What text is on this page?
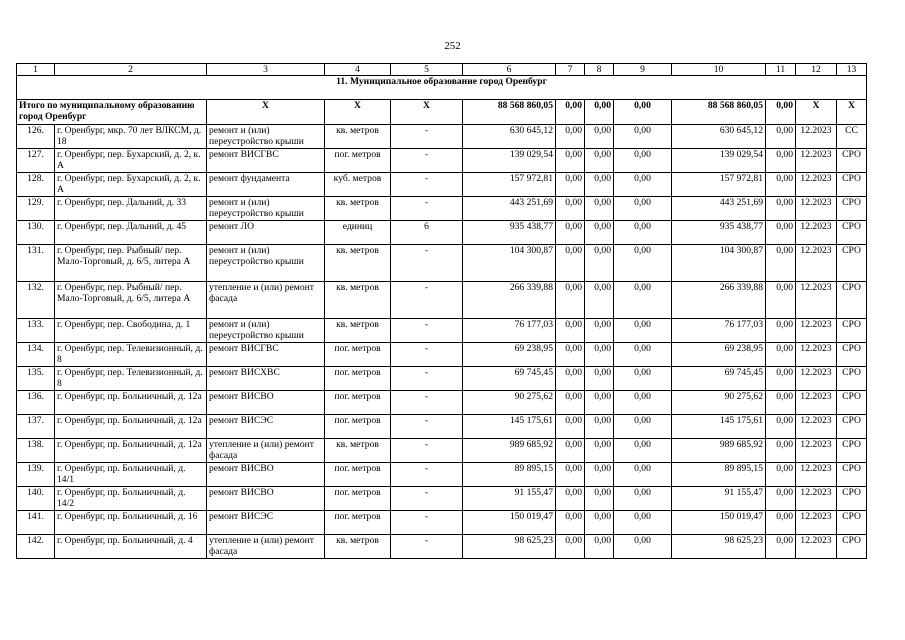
252
1	2	3	4	5	6	7	8	9	10	11	12	13
11. Муниципальное образование город Оренбург												
Итого по муниципальному образованию город Оренбург		X	X	X	88 568 860,05	0,00	0,00	0,00	88 568 860,05	0,00	X	X
126.	г. Оренбург, мкр. 70 лет ВЛКСМ, д. 18	ремонт и (или) переустройство крыши	кв. метров	-	630 645,12	0,00	0,00	0,00	630 645,12	0,00	12.2023	СС
127.	г. Оренбург, пер. Бухарский, д. 2, к. А	ремонт ВИСГВС	пог. метров	-	139 029,54	0,00	0,00	0,00	139 029,54	0,00	12.2023	СРО
128.	г. Оренбург, пер. Бухарский, д. 2, к. А	ремонт фундамента	куб. метров	-	157 972,81	0,00	0,00	0,00	157 972,81	0,00	12.2023	СРО
129.	г. Оренбург, пер. Дальний, д. 33	ремонт и (или) переустройство крыши	кв. метров	-	443 251,69	0,00	0,00	0,00	443 251,69	0,00	12.2023	СРО
130.	г. Оренбург, пер. Дальний, д. 45	ремонт ЛО	единиц	6	935 438,77	0,00	0,00	0,00	935 438,77	0,00	12.2023	СРО
131.	г. Оренбург, пер. Рыбный/ пер. Мало-Торговый, д. 6/5, литера А	ремонт и (или) переустройство крыши	кв. метров	-	104 300,87	0,00	0,00	0,00	104 300,87	0,00	12.2023	СРО
132.	г. Оренбург, пер. Рыбный/ пер. Мало-Торговый, д. 6/5, литера А	утепление и (или) ремонт фасада	кв. метров	-	266 339,88	0,00	0,00	0,00	266 339,88	0,00	12.2023	СРО
133.	г. Оренбург, пер. Свободина, д. 1	ремонт и (или) переустройство крыши	кв. метров	-	76 177,03	0,00	0,00	0,00	76 177,03	0,00	12.2023	СРО
134.	г. Оренбург, пер. Телевизионный, д. 8	ремонт ВИСГВС	пог. метров	-	69 238,95	0,00	0,00	0,00	69 238,95	0,00	12.2023	СРО
135.	г. Оренбург, пер. Телевизионный, д. 8	ремонт ВИСХВС	пог. метров	-	69 745,45	0,00	0,00	0,00	69 745,45	0,00	12.2023	СРО
136.	г. Оренбург, пр. Больничный, д. 12а	ремонт ВИСВО	пог. метров	-	90 275,62	0,00	0,00	0,00	90 275,62	0,00	12.2023	СРО
137.	г. Оренбург, пр. Больничный, д. 12а	ремонт ВИСЭС	пог. метров	-	145 175,61	0,00	0,00	0,00	145 175,61	0,00	12.2023	СРО
138.	г. Оренбург, пр. Больничный, д. 12а	утепление и (или) ремонт фасада	кв. метров	-	989 685,92	0,00	0,00	0,00	989 685,92	0,00	12.2023	СРО
139.	г. Оренбург, пр. Больничный, д. 14/1	ремонт ВИСВО	пог. метров	-	89 895,15	0,00	0,00	0,00	89 895,15	0,00	12.2023	СРО
140.	г. Оренбург, пр. Больничный, д. 14/2	ремонт ВИСВО	пог. метров	-	91 155,47	0,00	0,00	0,00	91 155,47	0,00	12.2023	СРО
141.	г. Оренбург, пр. Больничный, д. 16	ремонт ВИСЭС	пог. метров	-	150 019,47	0,00	0,00	0,00	150 019,47	0,00	12.2023	СРО
142.	г. Оренбург, пр. Больничный, д. 4	утепление и (или) ремонт фасада	кв. метров	-	98 625,23	0,00	0,00	0,00	98 625,23	0,00	12.2023	СРО
